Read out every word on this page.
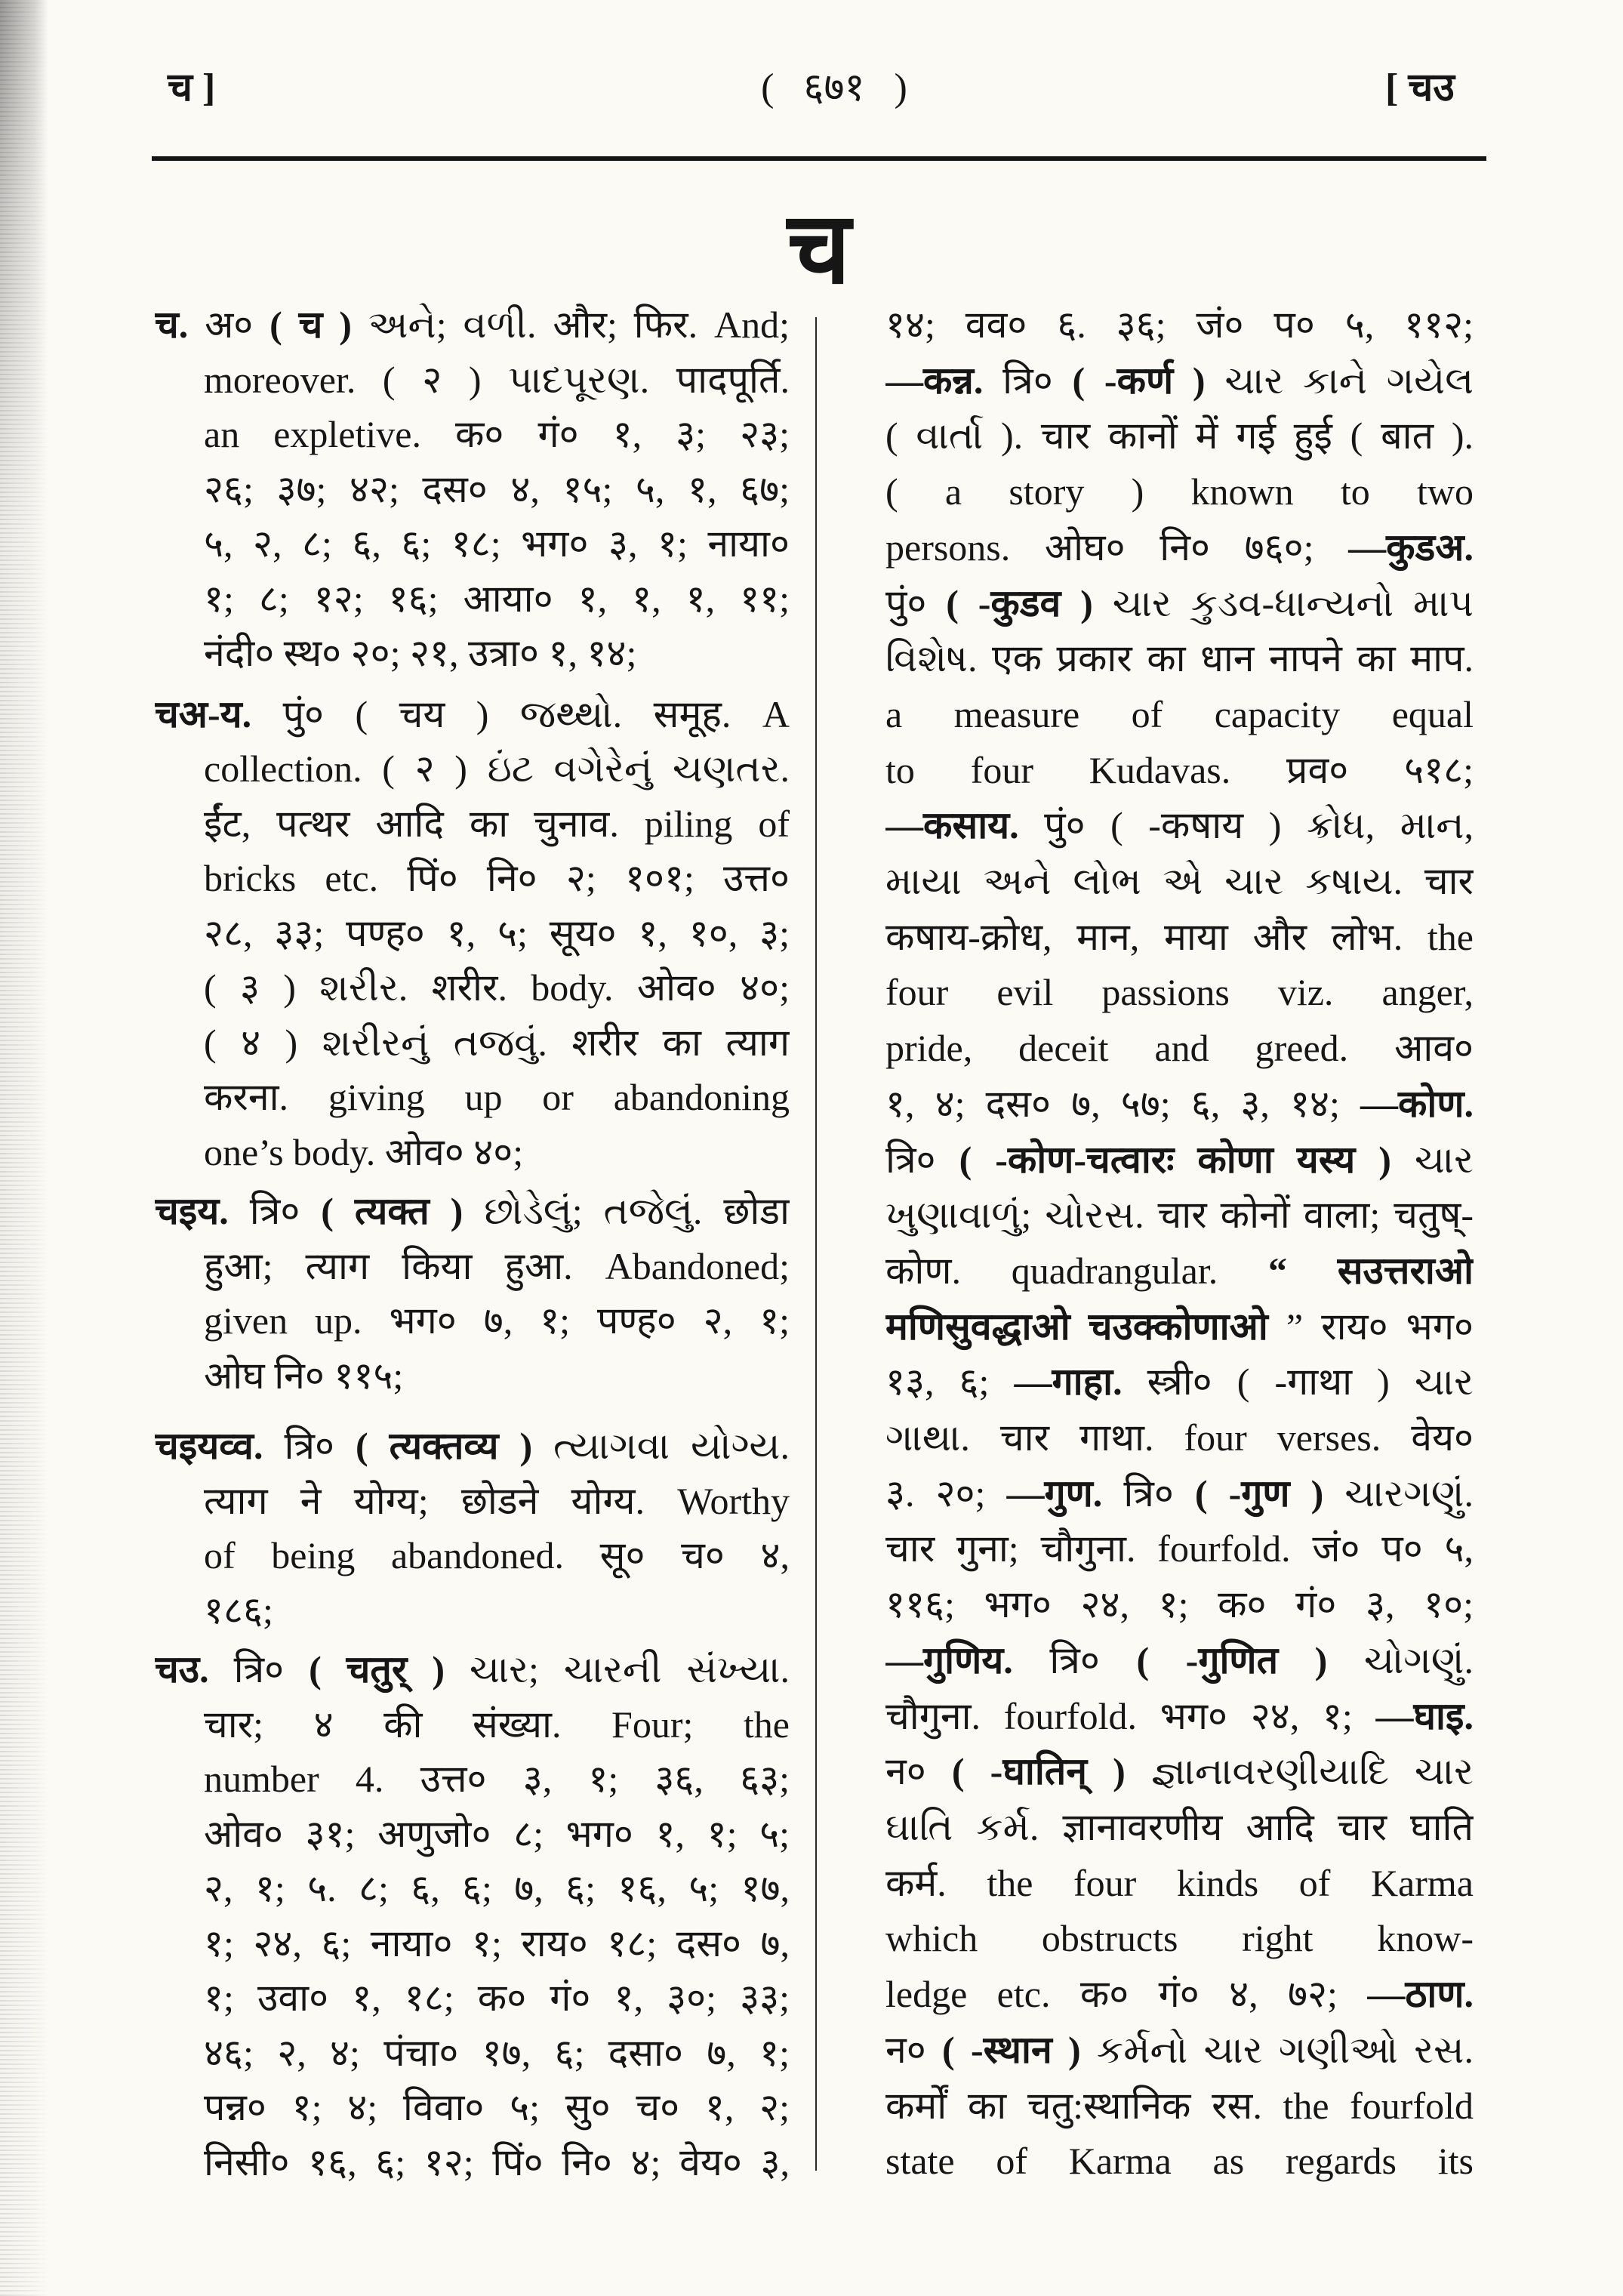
च ]	( ६७१ )	[ चउ
च
च. अ० ( च ) અને; વળી. और; फिर. And;
moreover. ( २ ) પાદપૂરણ. पादपूर्ति.
an expletive. क० गं० १, ३; २३;
२६; ३७; ४२; दस० ४, १५; ५, १, ६७;
५, २, ८; ६, ६; १८; भग० ३, १; नाया०
१; ८; १२; १६; आया० १, १, १, ११;
नंदी० स्थ० २०; २१, उत्रा० १, १४;
चअ-य. पुं० ( चय ) જથ્થો. समूह. A
collection. ( २ ) ઇંટ વગેરેનું ચણતર.
ईंट, पत्थर आदि का चुनाव. piling of
bricks etc. पिं० नि० २; १०१; उत्त०
२८, ३३; पण्ह० १, ५; सूय० १, १०, ३;
( ३ ) શરીર. शरीर. body. ओव० ४०;
( ४ ) શરીરનું તજવું. शरीर का त्याग
करना. giving up or abandoning
one’s body. ओव० ४०;
चइय. त्रि० ( त्यक्त ) છોડેલું; તજેલું. छोडा
हुआ; त्याग किया हुआ. Abandoned;
given up. भग० ७, १; पण्ह० २, १;
ओघ नि० ११५;
चइयव्व. त्रि० ( त्यक्तव्य ) ત્યાગવા યોગ્ય.
त्याग ने योग्य; छोडने योग्य. Worthy
of being abandoned. सू० च० ४,
१८६;
चउ. त्रि० ( चतुर् ) ચાર; ચારની સંખ્યા.
चार; ४ की संख्या. Four; the
number 4. उत्त० ३, १; ३६, ६३;
ओव० ३१; अणुजो० ८; भग० १, १; ५;
२, १; ५. ८; ६, ६; ७, ६; १६, ५; १७,
१; २४, ६; नाया० १; राय० १८; दस० ७,
१; उवा० १, १८; क० गं० १, ३०; ३३;
४६; २, ४; पंचा० १७, ६; दसा० ७, १;
पन्न० १; ४; विवा० ५; सु० च० १, २;
निसी० १६, ६; १२; पिं० नि० ४; वेय० ३,
१४; वव० ६. ३६; जं० प० ५, ११२;
—कन्न. त्रि० ( -कर्ण ) ચાર કાને ગયેલ
( વાર્તા ). चार कानों में गई हुई ( बात ).
( a story ) known to two
persons. ओघ० नि० ७६०; —कुडअ.
पुं० ( -कुडव ) ચાર કુડવ-ધાન્યનો માપ
વિશેષ. एक प्रकार का धान नापने का माप.
a measure of capacity equal
to four Kudavas. प्रव० ५१८;
—कसाय. पुं० ( -कषाय ) ક્રોધ, માન,
માયા અને લોભ એ ચાર કષાય. चार
कषाय-क्रोध, मान, माया और लोभ. the
four evil passions viz. anger,
pride, deceit and greed. आव०
१, ४; दस० ७, ५७; ६, ३, १४; —कोण.
त्रि० ( -कोण-चत्वारः कोणा यस्य ) ચાર
ખુણાવાળું; ચોરસ. चार कोनों वाला; चतुष्-
कोण. quadrangular. “ सउत्तराओ
मणिसुवद्धाओ चउक्कोणाओ ” राय० भग०
१३, ६; —गाहा. स्त्री० ( -गाथा ) ચાર
ગાથા. चार गाथा. four verses. वेय०
३. २०; —गुण. त्रि० ( -गुण ) ચારગણું.
चार गुना; चौगुना. fourfold. जं० प० ५,
११६; भग० २४, १; क० गं० ३, १०;
—गुणिय. त्रि० ( -गुणित ) ચોગણું.
चौगुना. fourfold. भग० २४, १; —घाइ.
न० ( -घातिन् ) જ્ઞાનાવરણીયાદિ ચાર
ઘાતિ કર્મ. ज्ञानावरणीय आदि चार घाति
कर्म. the four kinds of Karma
which obstructs right know-
ledge etc. क० गं० ४, ७२; —ठाण.
न० ( -स्थान ) કર્મનો ચાર ગણીઓ રસ.
कर्मों का चतु:स्थानिक रस. the fourfold
state of Karma as regards its
